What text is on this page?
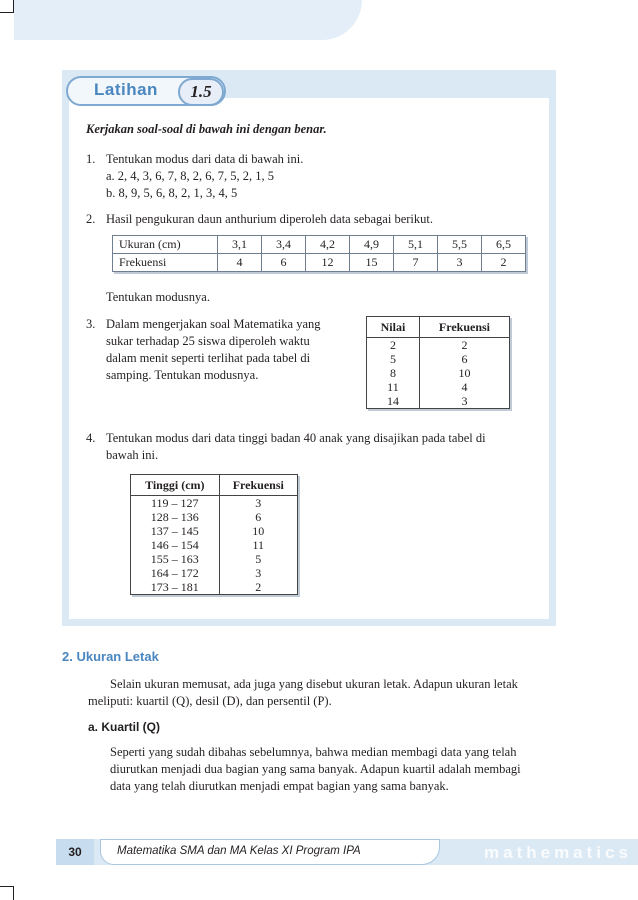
Latihan	1.5
Kerjakan soal-soal di bawah ini dengan benar.
1. Tentukan modus dari data di bawah ini.
a. 2, 4, 3, 6, 7, 8, 2, 6, 7, 5, 2, 1, 5
b. 8, 9, 5, 6, 8, 2, 1, 3, 4, 5
2. Hasil pengukuran daun anthurium diperoleh data sebagai berikut.
Ukuran (cm)	3,1	3,4	4,2	4,9	5,1	5,5	6,5
Frekuensi	4	6	12	15	7	3	2
Tentukan modusnya.
3. Dalam mengerjakan soal Matematika yang
sukar terhadap 25 siswa diperoleh waktu
dalam menit seperti terlihat pada tabel di
samping. Tentukan modusnya.
Nilai	Frekuensi
2	2
5	6
8	10
11	4
14	3
4. Tentukan modus dari data tinggi badan 40 anak yang disajikan pada tabel di
bawah ini.
Tinggi (cm)	Frekuensi
119 – 127	3
128 – 136	6
137 – 145	10
146 – 154	11
155 – 163	5
164 – 172	3
173 – 181	2
2. Ukuran Letak
Selain ukuran memusat, ada juga yang disebut ukuran letak. Adapun ukuran letak
meliputi: kuartil (Q), desil (D), dan persentil (P).
a. Kuartil (Q)
Seperti yang sudah dibahas sebelumnya, bahwa median membagi data yang telah
diurutkan menjadi dua bagian yang sama banyak. Adapun kuartil adalah membagi
data yang telah diurutkan menjadi empat bagian yang sama banyak.
30	Matematika SMA dan MA Kelas XI Program IPA	mathematics
